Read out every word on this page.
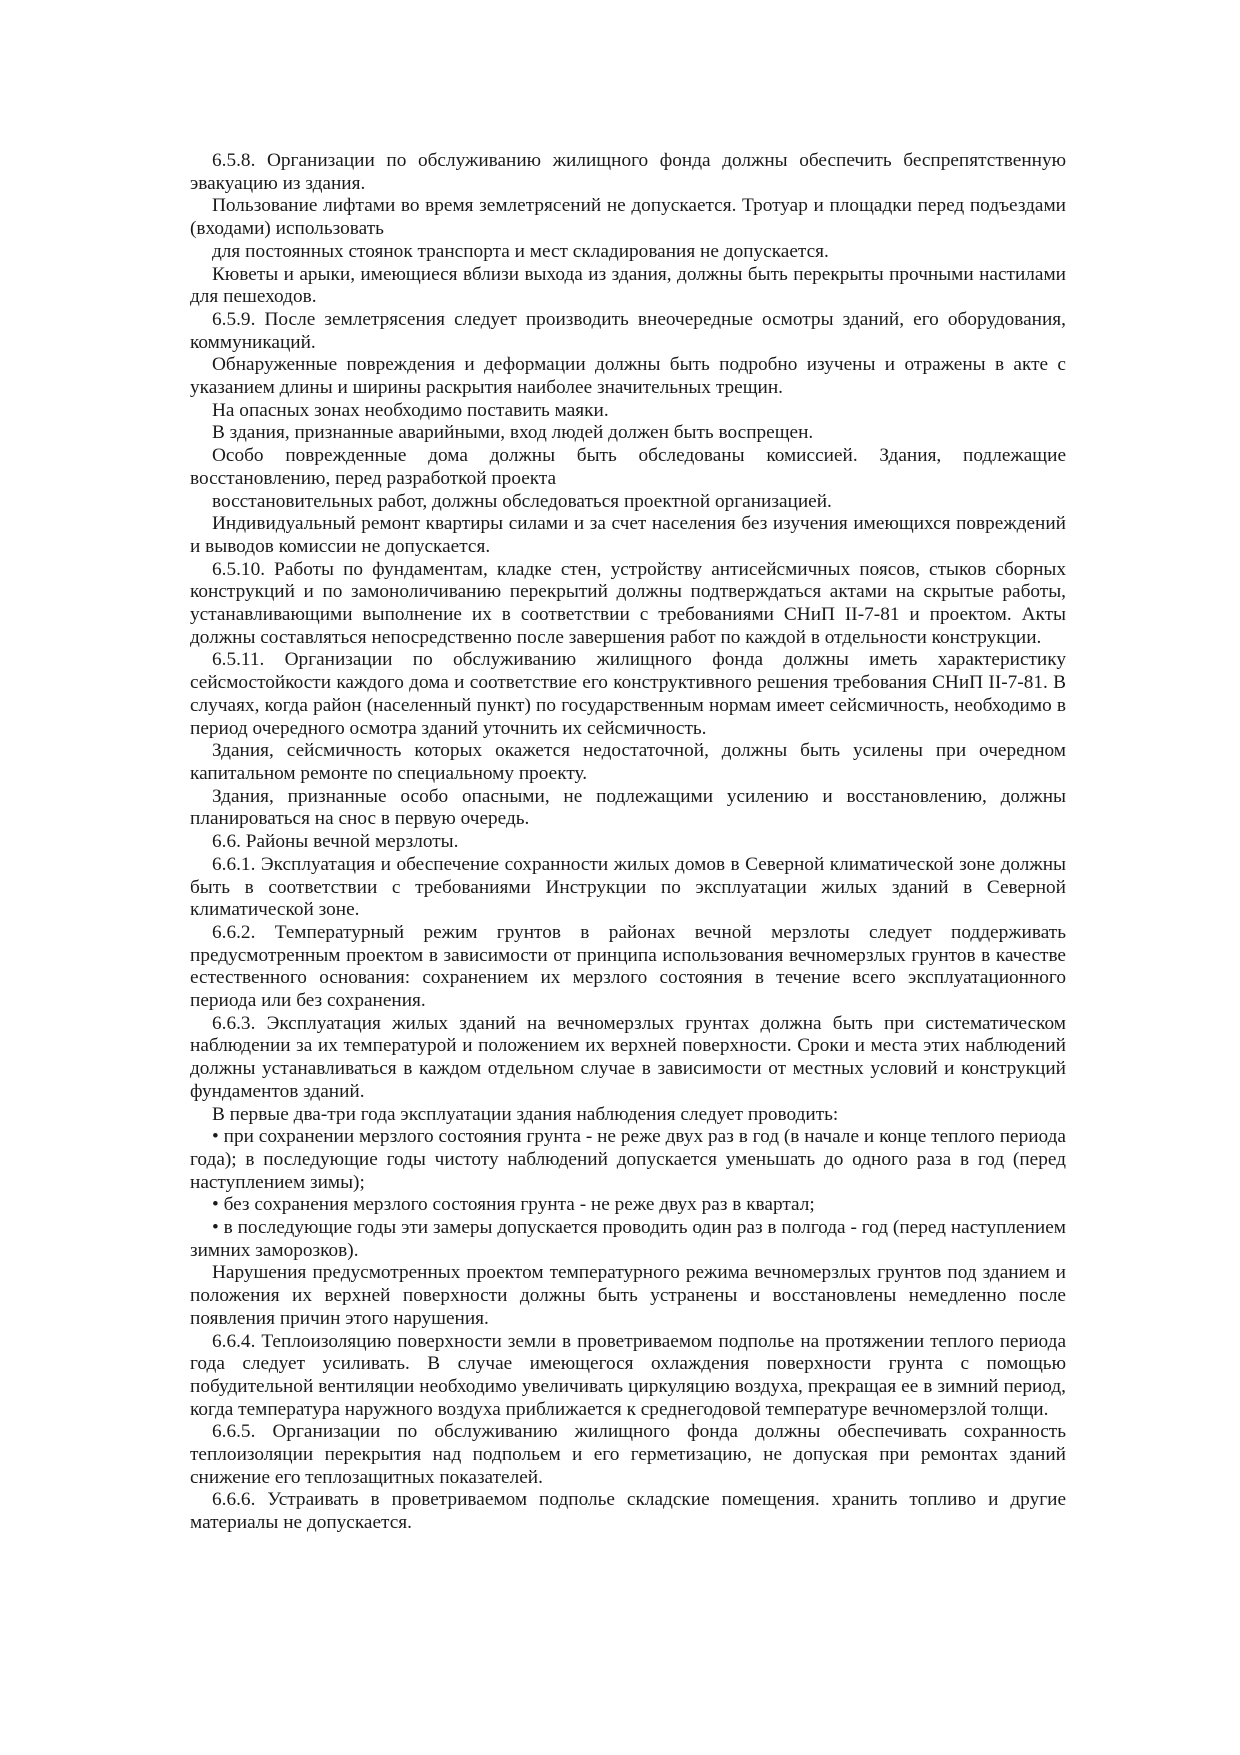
6.5.8. Организации по обслуживанию жилищного фонда должны обеспечить беспрепятственную эвакуацию из здания.

Пользование лифтами во время землетрясений не допускается. Тротуар и площадки перед подъездами (входами) использовать

для постоянных стоянок транспорта и мест складирования не допускается.

Кюветы и арыки, имеющиеся вблизи выхода из здания, должны быть перекрыты прочными настилами для пешеходов.

6.5.9. После землетрясения следует производить внеочередные осмотры зданий, его оборудования, коммуникаций.

Обнаруженные повреждения и деформации должны быть подробно изучены и отражены в акте с указанием длины и ширины раскрытия наиболее значительных трещин.

На опасных зонах необходимо поставить маяки.

В здания, признанные аварийными, вход людей должен быть воспрещен.

Особо поврежденные дома должны быть обследованы комиссией. Здания, подлежащие восстановлению, перед разработкой проекта

восстановительных работ, должны обследоваться проектной организацией.

Индивидуальный ремонт квартиры силами и за счет населения без изучения имеющихся повреждений и выводов комиссии не допускается.

6.5.10. Работы по фундаментам, кладке стен, устройству антисейсмичных поясов, стыков сборных конструкций и по замоноличиванию перекрытий должны подтверждаться актами на скрытые работы, устанавливающими выполнение их в соответствии с требованиями СНиП II-7-81 и проектом. Акты должны составляться непосредственно после завершения работ по каждой в отдельности конструкции.

6.5.11. Организации по обслуживанию жилищного фонда должны иметь характеристику сейсмостойкости каждого дома и соответствие его конструктивного решения требования СНиП II-7-81. В случаях, когда район (населенный пункт) по государственным нормам имеет сейсмичность, необходимо в период очередного осмотра зданий уточнить их сейсмичность.

Здания, сейсмичность которых окажется недостаточной, должны быть усилены при очередном капитальном ремонте по специальному проекту.

Здания, признанные особо опасными, не подлежащими усилению и восстановлению, должны планироваться на снос в первую очередь.

6.6. Районы вечной мерзлоты.

6.6.1. Эксплуатация и обеспечение сохранности жилых домов в Северной климатической зоне должны быть в соответствии с требованиями Инструкции по эксплуатации жилых зданий в Северной климатической зоне.

6.6.2. Температурный режим грунтов в районах вечной мерзлоты следует поддерживать предусмотренным проектом в зависимости от принципа использования вечномерзлых грунтов в качестве естественного основания: сохранением их мерзлого состояния в течение всего эксплуатационного периода или без сохранения.

6.6.3. Эксплуатация жилых зданий на вечномерзлых грунтах должна быть при систематическом наблюдении за их температурой и положением их верхней поверхности. Сроки и места этих наблюдений должны устанавливаться в каждом отдельном случае в зависимости от местных условий и конструкций фундаментов зданий.

В первые два-три года эксплуатации здания наблюдения следует проводить:

• при сохранении мерзлого состояния грунта - не реже двух раз в год (в начале и конце теплого периода года); в последующие годы чистоту наблюдений допускается уменьшать до одного раза в год (перед наступлением зимы);

• без сохранения мерзлого состояния грунта - не реже двух раз в квартал;

• в последующие годы эти замеры допускается проводить один раз в полгода - год (перед наступлением зимних заморозков).

Нарушения предусмотренных проектом температурного режима вечномерзлых грунтов под зданием и положения их верхней поверхности должны быть устранены и восстановлены немедленно после появления причин этого нарушения.

6.6.4. Теплоизоляцию поверхности земли в проветриваемом подполье на протяжении теплого периода года следует усиливать. В случае имеющегося охлаждения поверхности грунта с помощью побудительной вентиляции необходимо увеличивать циркуляцию воздуха, прекращая ее в зимний период, когда температура наружного воздуха приближается к среднегодовой температуре вечномерзлой толщи.

6.6.5. Организации по обслуживанию жилищного фонда должны обеспечивать сохранность теплоизоляции перекрытия над подпольем и его герметизацию, не допуская при ремонтах зданий снижение его теплозащитных показателей.

6.6.6. Устраивать в проветриваемом подполье складские помещения. хранить топливо и другие материалы не допускается.
